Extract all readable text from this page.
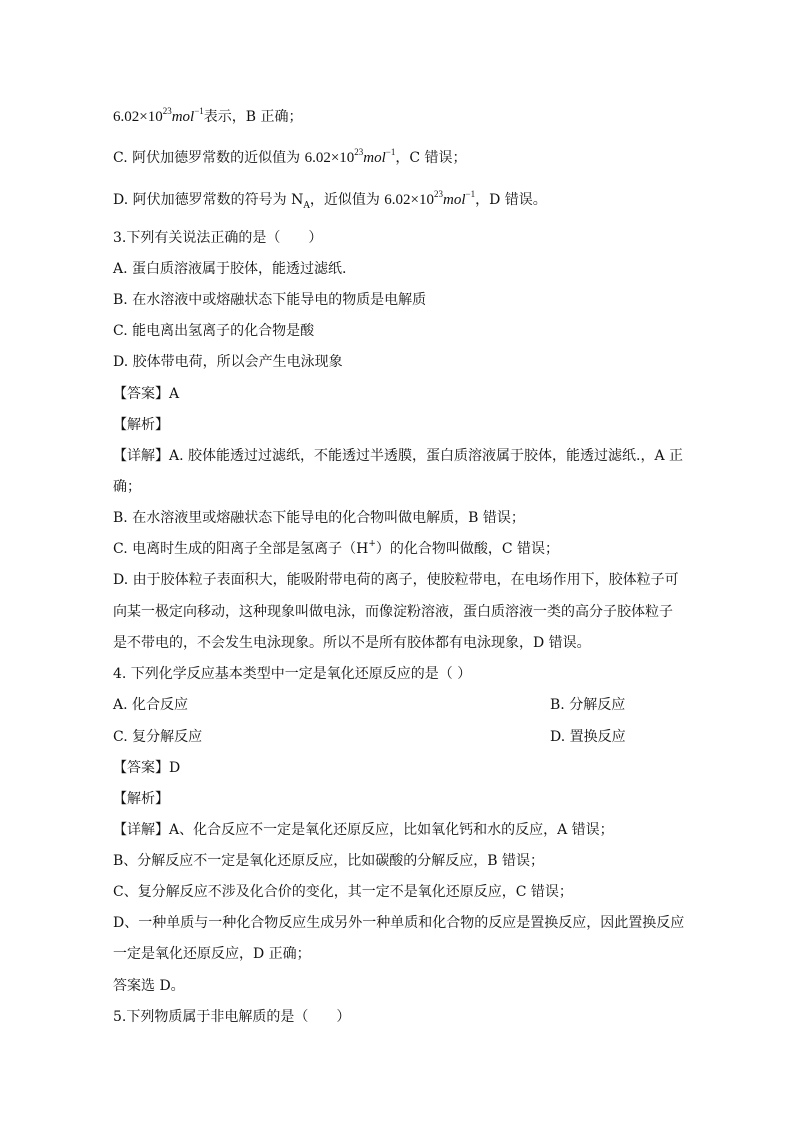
$6.02\times 10^{23}mol^{-1}$表示，B 正确；
C. 阿伏加德罗常数的近似值为 $6.02\times 10^{23}mol^{-1}$，C 错误；
D. 阿伏加德罗常数的符号为 $N_A$，近似值为 $6.02\times 10^{23}mol^{-1}$，D 错误。
3.下列有关说法正确的是（　　）
A. 蛋白质溶液属于胶体，能透过滤纸.
B. 在水溶液中或熔融状态下能导电的物质是电解质
C. 能电离出氢离子的化合物是酸
D. 胶体带电荷，所以会产生电泳现象
【答案】A
【解析】
【详解】A. 胶体能透过过滤纸，不能透过半透膜，蛋白质溶液属于胶体，能透过滤纸.，A 正
确；
B. 在水溶液里或熔融状态下能导电的化合物叫做电解质，B 错误；
C. 电离时生成的阳离子全部是氢离子（H+）的化合物叫做酸，C 错误；
D. 由于胶体粒子表面积大，能吸附带电荷的离子，使胶粒带电，在电场作用下，胶体粒子可
向某一极定向移动，这种现象叫做电泳，而像淀粉溶液，蛋白质溶液一类的高分子胶体粒子
是不带电的，不会发生电泳现象。所以不是所有胶体都有电泳现象，D 错误。
4. 下列化学反应基本类型中一定是氧化还原反应的是（ ）
A. 化合反应	B. 分解反应
C. 复分解反应	D. 置换反应
【答案】D
【解析】
【详解】A、化合反应不一定是氧化还原反应，比如氧化钙和水的反应，A 错误；
B、分解反应不一定是氧化还原反应，比如碳酸的分解反应，B 错误；
C、复分解反应不涉及化合价的变化，其一定不是氧化还原反应，C 错误；
D、一种单质与一种化合物反应生成另外一种单质和化合物的反应是置换反应，因此置换反应
一定是氧化还原反应，D 正确；
答案选 D。
5.下列物质属于非电解质的是（　　）
